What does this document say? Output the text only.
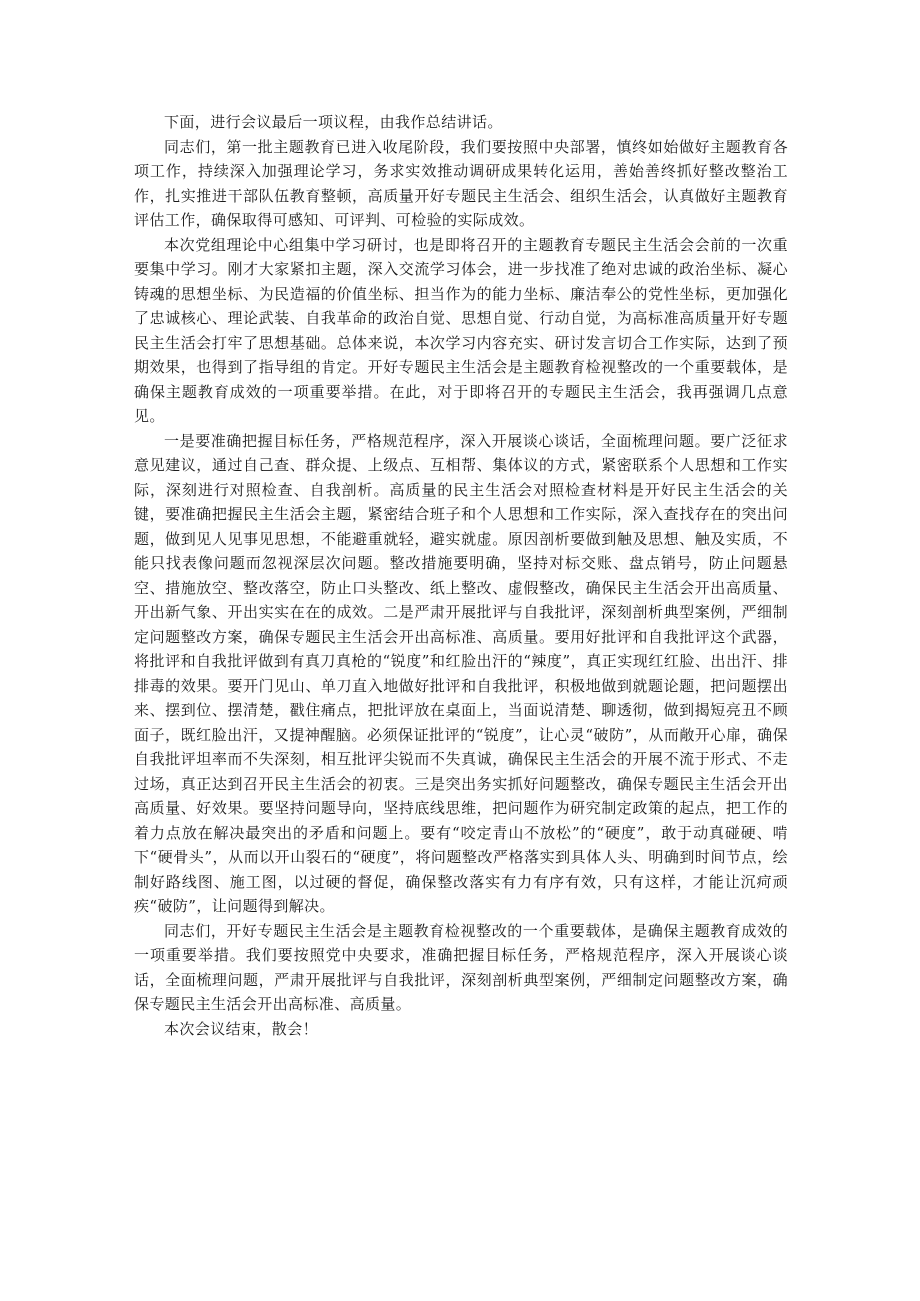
下面，进行会议最后一项议程，由我作总结讲话。

同志们，第一批主题教育已进入收尾阶段，我们要按照中央部署，慎终如始做好主题教育各项工作，持续深入加强理论学习，务求实效推动调研成果转化运用，善始善终抓好整改整治工作，扎实推进干部队伍教育整顿，高质量开好专题民主生活会、组织生活会，认真做好主题教育评估工作，确保取得可感知、可评判、可检验的实际成效。

本次党组理论中心组集中学习研讨，也是即将召开的主题教育专题民主生活会会前的一次重要集中学习。刚才大家紧扣主题，深入交流学习体会，进一步找准了绝对忠诚的政治坐标、凝心铸魂的思想坐标、为民造福的价值坐标、担当作为的能力坐标、廉洁奉公的党性坐标，更加强化了忠诚核心、理论武装、自我革命的政治自觉、思想自觉、行动自觉，为高标准高质量开好专题民主生活会打牢了思想基础。总体来说，本次学习内容充实、研讨发言切合工作实际，达到了预期效果，也得到了指导组的肯定。开好专题民主生活会是主题教育检视整改的一个重要载体，是确保主题教育成效的一项重要举措。在此，对于即将召开的专题民主生活会，我再强调几点意见。

一是要准确把握目标任务，严格规范程序，深入开展谈心谈话，全面梳理问题。要广泛征求意见建议，通过自己查、群众提、上级点、互相帮、集体议的方式，紧密联系个人思想和工作实际，深刻进行对照检查、自我剖析。高质量的民主生活会对照检查材料是开好民主生活会的关键，要准确把握民主生活会主题，紧密结合班子和个人思想和工作实际，深入查找存在的突出问题，做到见人见事见思想，不能避重就轻，避实就虚。原因剖析要做到触及思想、触及实质，不能只找表像问题而忽视深层次问题。整改措施要明确，坚持对标交账、盘点销号，防止问题悬空、措施放空、整改落空，防止口头整改、纸上整改、虚假整改，确保民主生活会开出高质量、开出新气象、开出实实在在的成效。二是严肃开展批评与自我批评，深刻剖析典型案例，严细制定问题整改方案，确保专题民主生活会开出高标准、高质量。要用好批评和自我批评这个武器，将批评和自我批评做到有真刀真枪的“锐度”和红脸出汗的“辣度”，真正实现红红脸、出出汗、排排毒的效果。要开门见山、单刀直入地做好批评和自我批评，积极地做到就题论题，把问题摆出来、摆到位、摆清楚，戳住痛点，把批评放在桌面上，当面说清楚、聊透彻，做到揭短亮丑不顾面子，既红脸出汗，又提神醒脑。必须保证批评的“锐度”，让心灵“破防”，从而敞开心扉，确保自我批评坦率而不失深刻，相互批评尖锐而不失真诚，确保民主生活会的开展不流于形式、不走过场，真正达到召开民主生活会的初衷。三是突出务实抓好问题整改，确保专题民主生活会开出高质量、好效果。要坚持问题导向，坚持底线思维，把问题作为研究制定政策的起点，把工作的着力点放在解决最突出的矛盾和问题上。要有“咬定青山不放松”的“硬度”，敢于动真碰硬、啃下“硬骨头”，从而以开山裂石的“硬度”，将问题整改严格落实到具体人头、明确到时间节点，绘制好路线图、施工图，以过硬的督促，确保整改落实有力有序有效，只有这样，才能让沉疴顽疾“破防”，让问题得到解决。

同志们，开好专题民主生活会是主题教育检视整改的一个重要载体，是确保主题教育成效的一项重要举措。我们要按照党中央要求，准确把握目标任务，严格规范程序，深入开展谈心谈话，全面梳理问题，严肃开展批评与自我批评，深刻剖析典型案例，严细制定问题整改方案，确保专题民主生活会开出高标准、高质量。

本次会议结束，散会！
